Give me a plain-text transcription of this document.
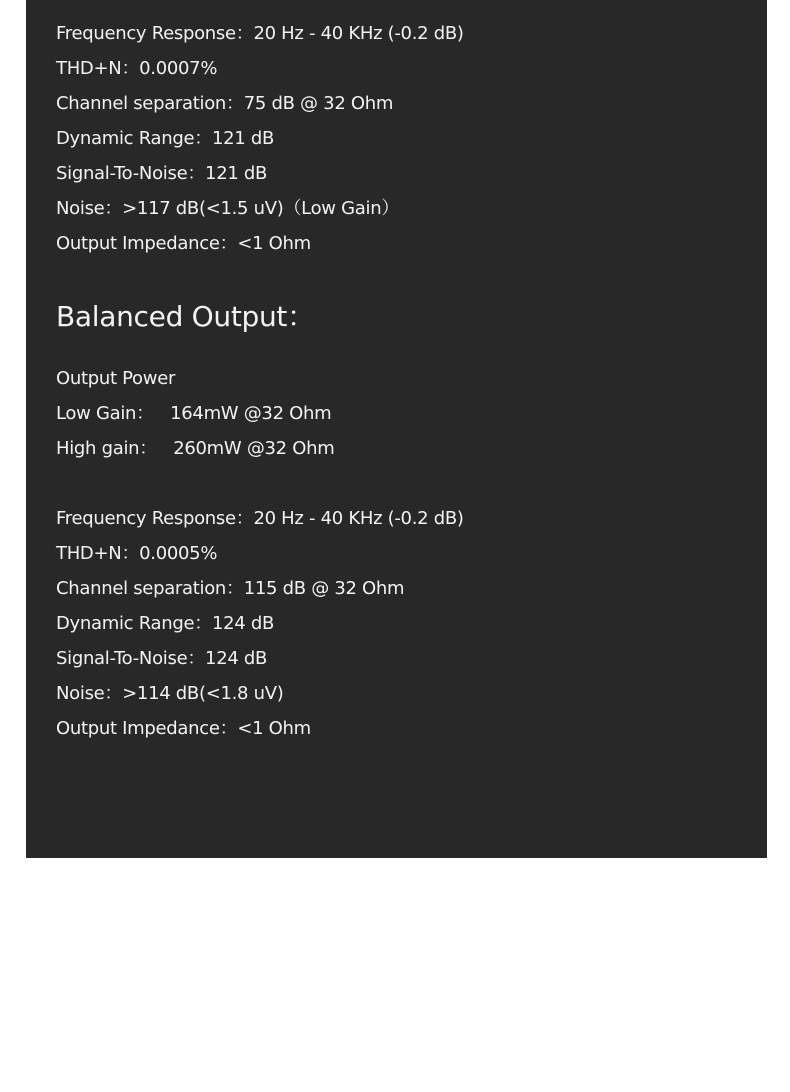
Frequency Response：20 Hz - 40 KHz (-0.2 dB)
THD+N：0.0007%
Channel separation：75 dB @ 32 Ohm
Dynamic Range：121 dB
Signal-To-Noise：121 dB
Noise：>117 dB(<1.5 uV)（Low Gain）
Output Impedance：<1 Ohm
Balanced Output：
Output Power
Low Gain：   164mW @32 Ohm
High gain：   260mW @32 Ohm
Frequency Response：20 Hz - 40 KHz (-0.2 dB)
THD+N：0.0005%
Channel separation：115 dB @ 32 Ohm
Dynamic Range：124 dB
Signal-To-Noise：124 dB
Noise：>114 dB(<1.8 uV)
Output Impedance：<1 Ohm
